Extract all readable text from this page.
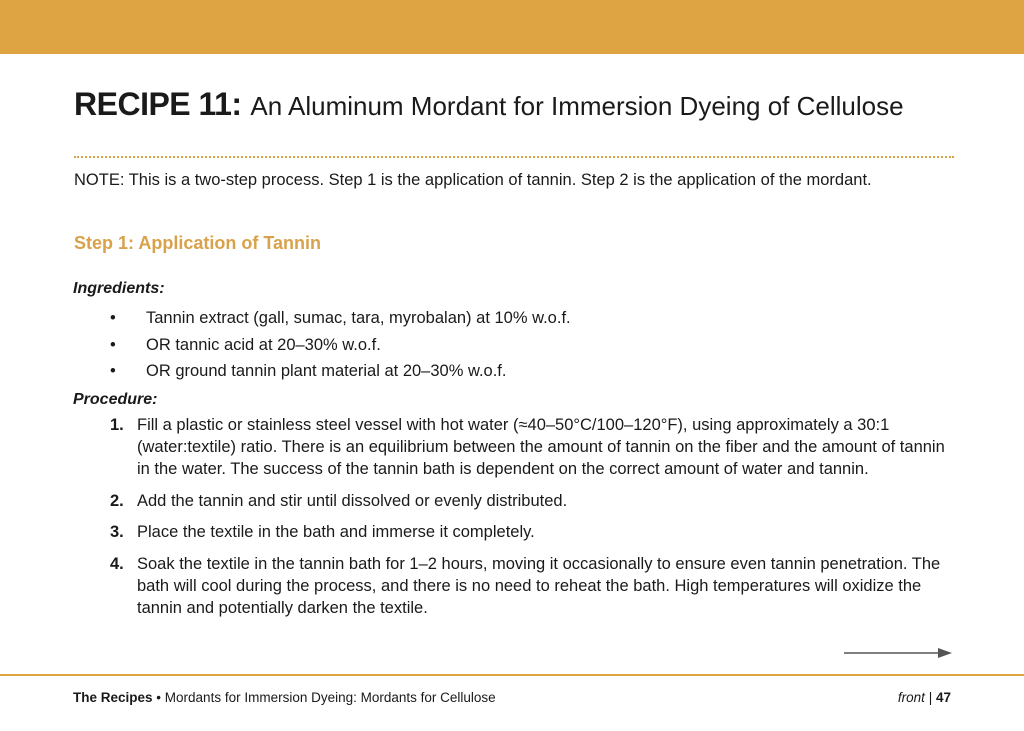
RECIPE 11: An Aluminum Mordant for Immersion Dyeing of Cellulose

NOTE: This is a two-step process. Step 1 is the application of tannin. Step 2 is the application of the mordant.

Step 1: Application of Tannin
Ingredients:
• Tannin extract (gall, sumac, tara, myrobalan) at 10% w.o.f.
• OR tannic acid at 20–30% w.o.f.
• OR ground tannin plant material at 20–30% w.o.f.
Procedure:
1. Fill a plastic or stainless steel vessel with hot water (≈40–50°C/100–120°F), using approximately a 30:1 (water:textile) ratio. There is an equilibrium between the amount of tannin on the fiber and the amount of tannin in the water. The success of the tannin bath is dependent on the correct amount of water and tannin.
2. Add the tannin and stir until dissolved or evenly distributed.
3. Place the textile in the bath and immerse it completely.
4. Soak the textile in the tannin bath for 1–2 hours, moving it occasionally to ensure even tannin penetration. The bath will cool during the process, and there is no need to reheat the bath. High temperatures will oxidize the tannin and potentially darken the textile.
The Recipes • Mordants for Immersion Dyeing: Mordants for Cellulose	front | 47
